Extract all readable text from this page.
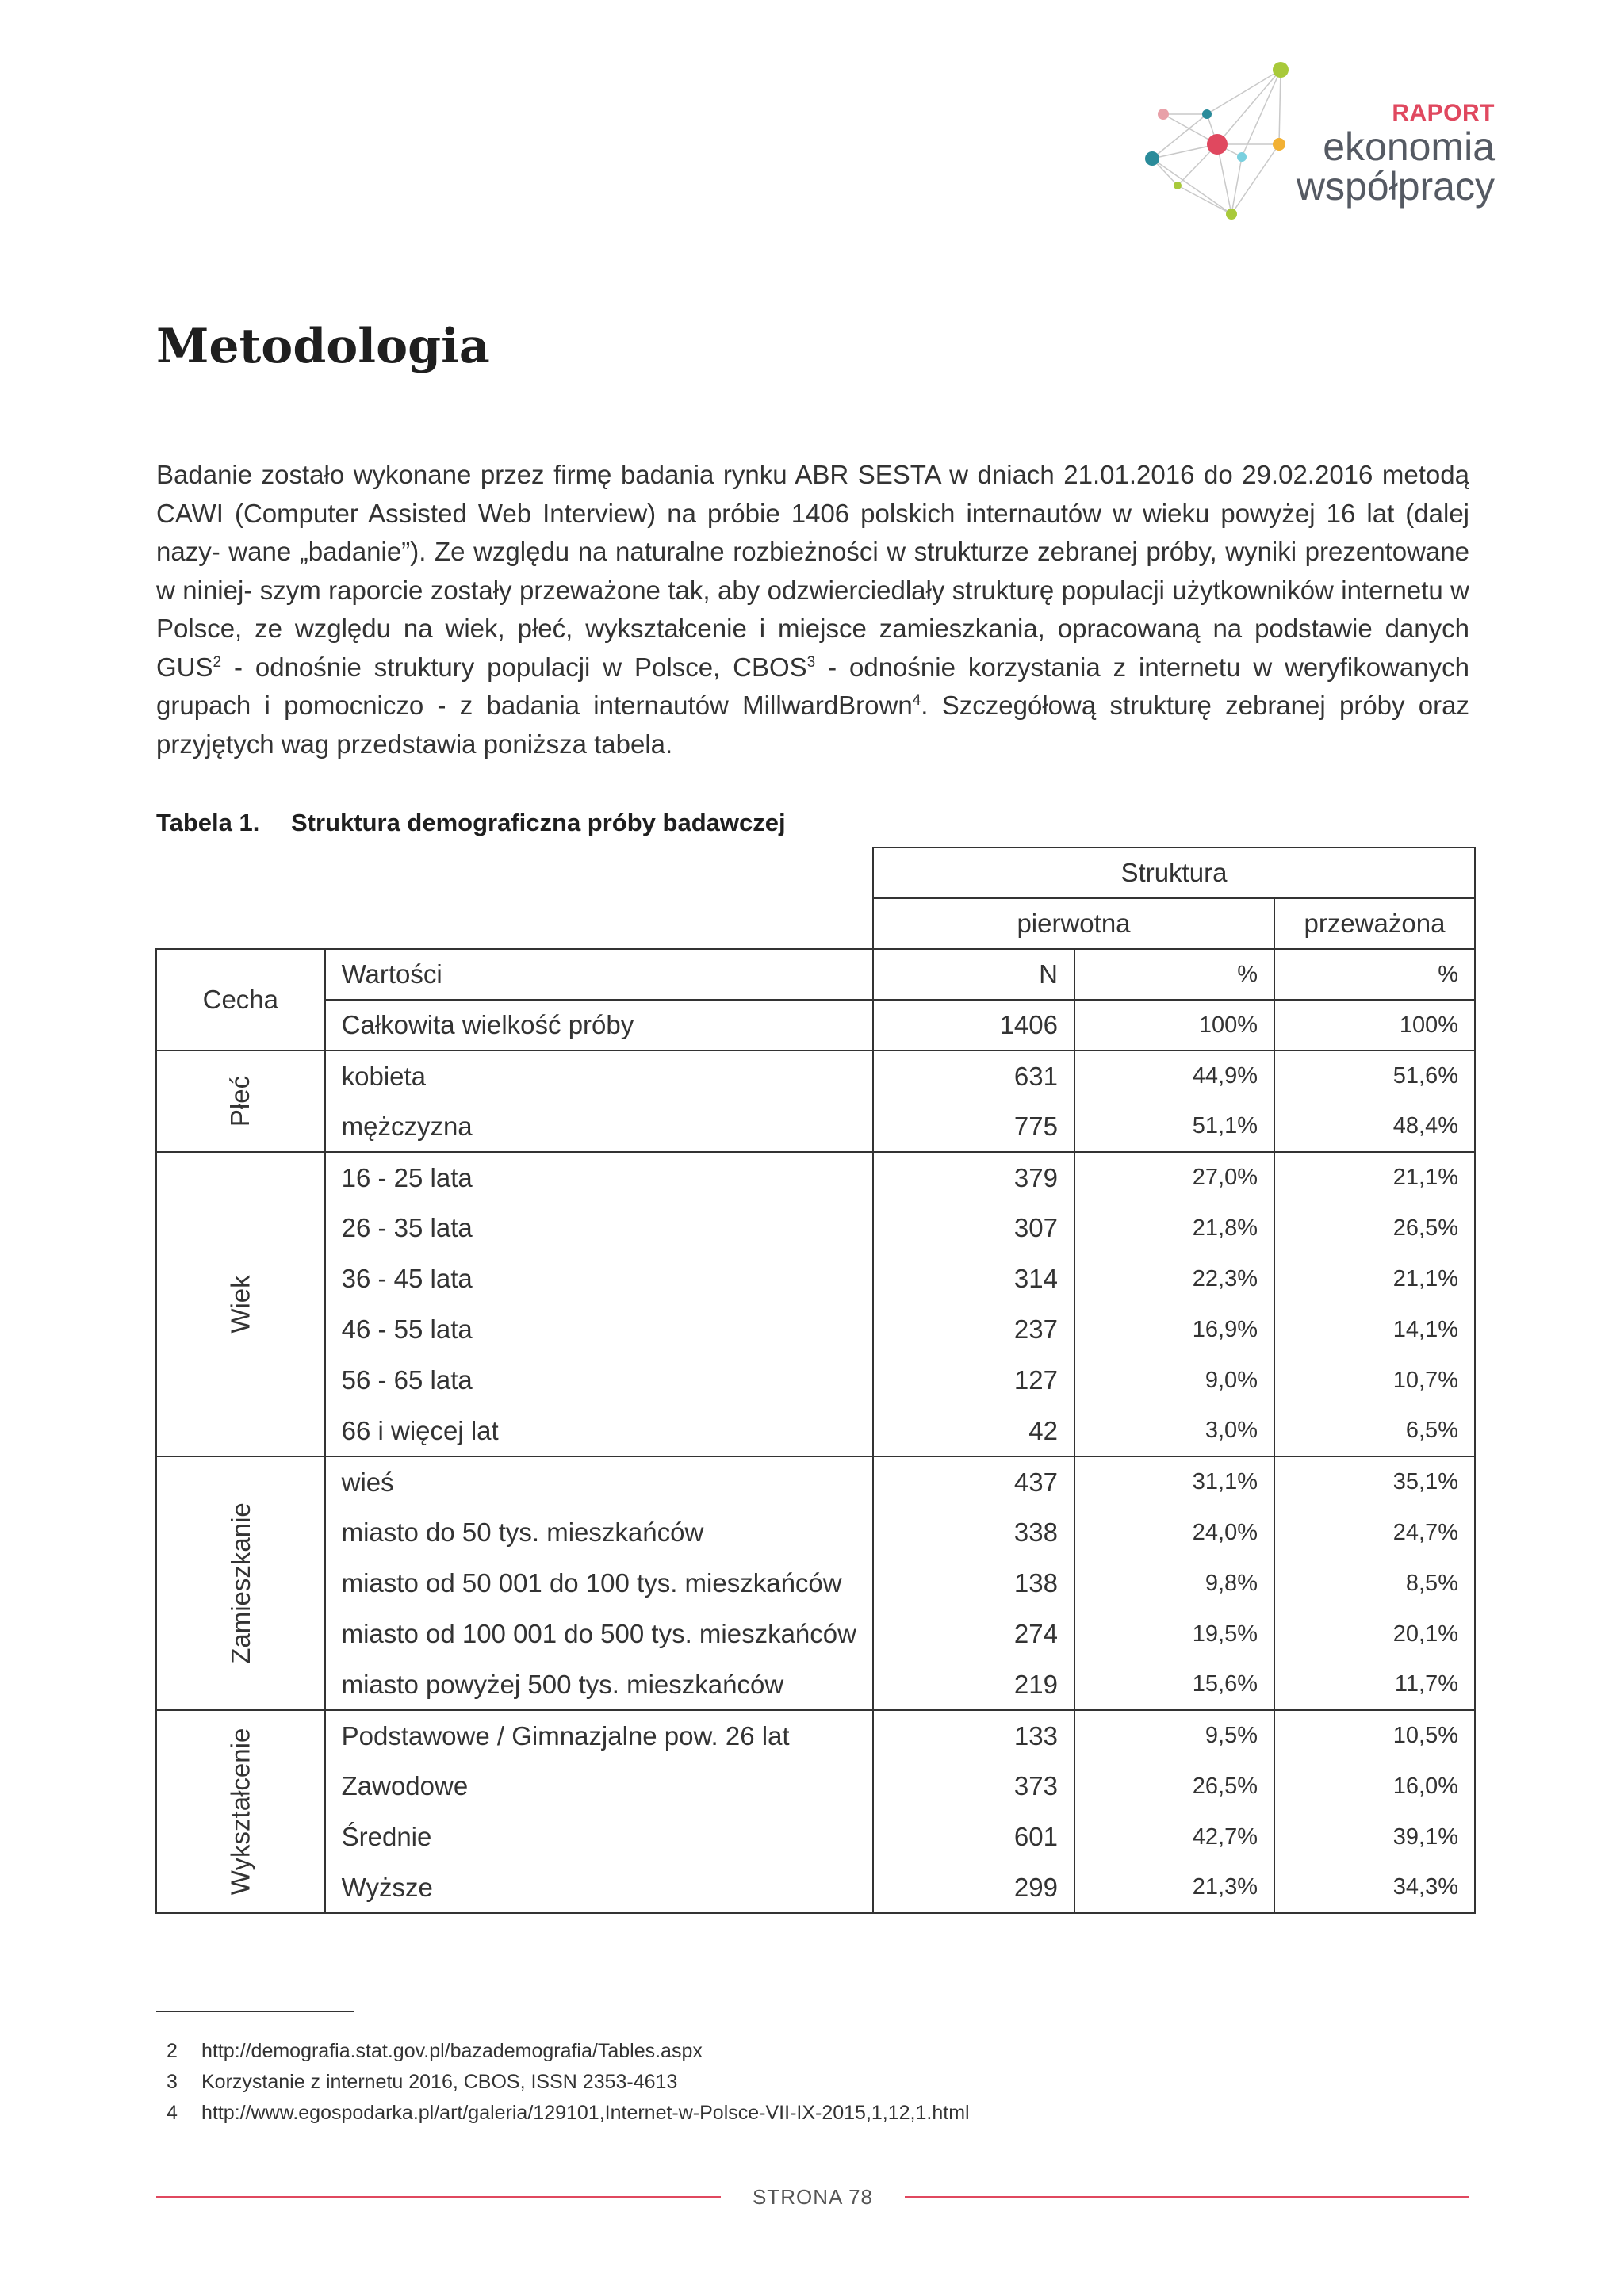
RAPORT
ekonomia
współpracy
Metodologia

Badanie zostało wykonane przez firmę badania rynku ABR SESTA w dniach 21.01.2016 do 29.02.2016 metodą CAWI (Computer Assisted Web Interview) na próbie 1406 polskich internautów w wieku powyżej 16 lat (dalej nazy- wane „badanie”). Ze względu na naturalne rozbieżności w strukturze zebranej próby, wyniki prezentowane w niniej- szym raporcie zostały przeważone tak, aby odzwierciedlały strukturę populacji użytkowników internetu w Polsce, ze względu na wiek, płeć, wykształcenie i miejsce zamieszkania, opracowaną na podstawie danych GUS$^2$ - odnośnie struktury populacji w Polsce, CBOS$^3$ - odnośnie korzystania z internetu w weryfikowanych grupach i pomocniczo - z badania internautów MillwardBrown$^4$. Szczegółową strukturę zebranej próby oraz przyjętych wag przedstawia poniższa tabela.

Tabela 1. Struktura demograficzna próby badawczej
		Struktura		
		pierwotna		przeważona
Cecha	Wartości	N	%	%
	Całkowita wielkość próby	1406	100%	100%
Płeć	kobieta	631	44,9%	51,6%
	mężczyzna	775	51,1%	48,4%
Wiek	16 - 25 lata	379	27,0%	21,1%
	26 - 35 lata	307	21,8%	26,5%
	36 - 45 lata	314	22,3%	21,1%
	46 - 55 lata	237	16,9%	14,1%
	56 - 65 lata	127	9,0%	10,7%
	66 i więcej lat	42	3,0%	6,5%
Zamieszkanie	wieś	437	31,1%	35,1%
	miasto do 50 tys. mieszkańców	338	24,0%	24,7%
	miasto od 50 001 do 100 tys. mieszkańców	138	9,8%	8,5%
	miasto od 100 001 do 500 tys. mieszkańców	274	19,5%	20,1%
	miasto powyżej 500 tys. mieszkańców	219	15,6%	11,7%
Wykształcenie	Podstawowe / Gimnazjalne pow. 26 lat	133	9,5%	10,5%
	Zawodowe	373	26,5%	16,0%
	Średnie	601	42,7%	39,1%
	Wyższe	299	21,3%	34,3%
2 http://demografia.stat.gov.pl/bazademografia/Tables.aspx
3 Korzystanie z internetu 2016, CBOS, ISSN 2353-4613
4 http://www.egospodarka.pl/art/galeria/129101,Internet-w-Polsce-VII-IX-2015,1,12,1.html
STRONA 78
